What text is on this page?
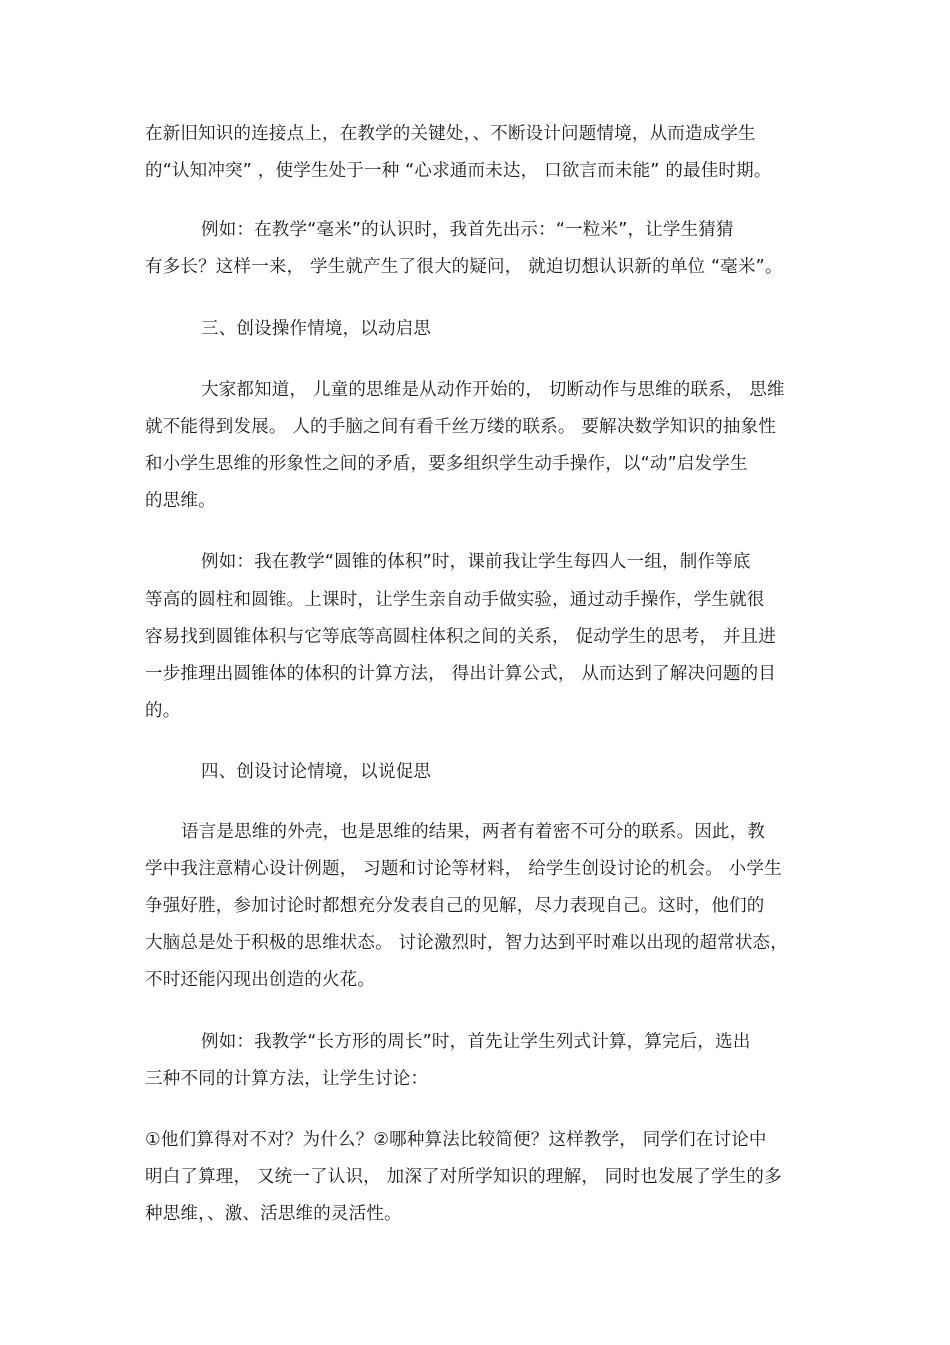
在新旧知识的连接点上，在教学的关键处，、不断设计问题情境，从而造成学生
的“认知冲突” ，使学生处于一种 “心求通而未达， 口欲言而未能” 的最佳时期。
例如：在教学“毫米”的认识时，我首先出示：“一粒米”，让学生猜猜
有多长？这样一来， 学生就产生了很大的疑问， 就迫切想认识新的单位 “毫米”。
三、创设操作情境，以动启思
大家都知道， 儿童的思维是从动作开始的， 切断动作与思维的联系， 思维
就不能得到发展。 人的手脑之间有看千丝万缕的联系。 要解决数学知识的抽象性
和小学生思维的形象性之间的矛盾，要多组织学生动手操作，以“动”启发学生
的思维。
例如：我在教学“圆锥的体积”时，课前我让学生每四人一组，制作等底
等高的圆柱和圆锥。上课时，让学生亲自动手做实验，通过动手操作，学生就很
容易找到圆锥体积与它等底等高圆柱体积之间的关系， 促动学生的思考， 并且进
一步推理出圆锥体的体积的计算方法， 得出计算公式， 从而达到了解决问题的目
的。
四、创设讨论情境，以说促思
语言是思维的外壳，也是思维的结果，两者有着密不可分的联系。因此，教
学中我注意精心设计例题， 习题和讨论等材料， 给学生创设讨论的机会。 小学生
争强好胜，参加讨论时都想充分发表自己的见解，尽力表现自己。这时，他们的
大脑总是处于积极的思维状态。 讨论激烈时，智力达到平时难以出现的超常状态，
不时还能闪现出创造的火花。
例如：我教学“长方形的周长”时，首先让学生列式计算，算完后，选出
三种不同的计算方法，让学生讨论：
①他们算得对不对？为什么？②哪种算法比较简便？这样教学， 同学们在讨论中
明白了算理， 又统一了认识， 加深了对所学知识的理解， 同时也发展了学生的多
种思维，、激、活思维的灵活性。
